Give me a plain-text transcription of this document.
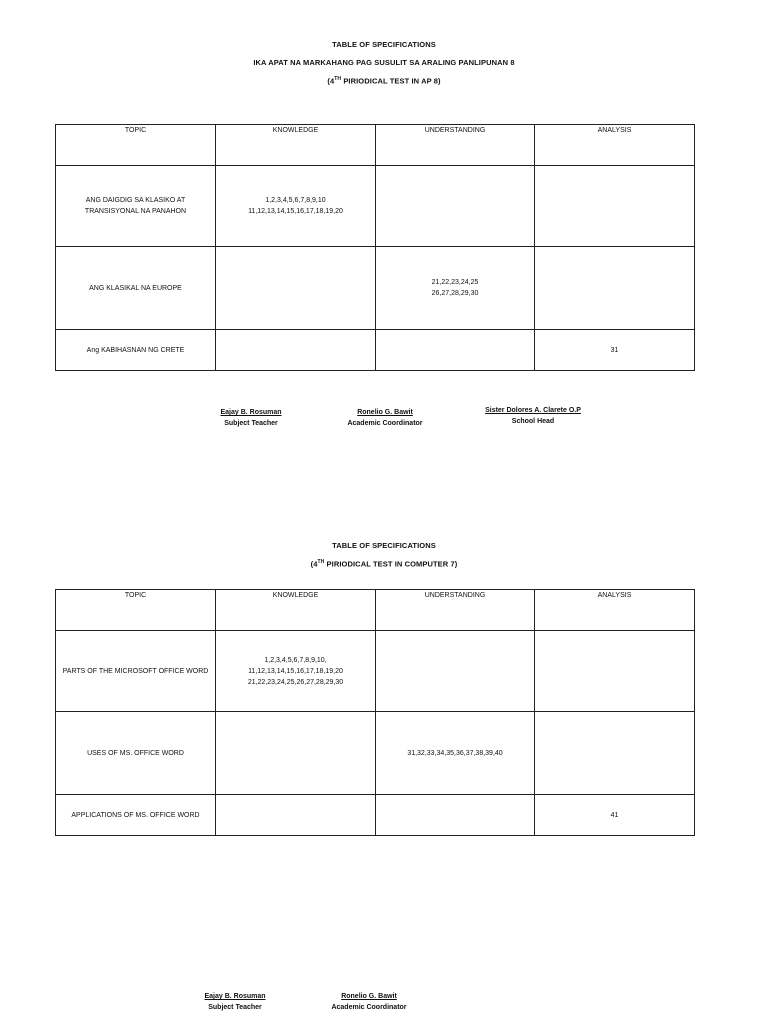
TABLE OF SPECIFICATIONS
IKA APAT NA MARKAHANG PAG SUSULIT SA ARALING PANLIPUNAN 8
(4TH PIRIODICAL TEST IN AP 8)
TOPIC	KNOWLEDGE	UNDERSTANDING	ANALYSIS

ANG DAIGDIG SA KLASIKO AT
TRANSISYONAL NA PANAHON	1,2,3,4,5,6,7,8,9,10
11,12,13,14,15,16,17,18,19,20		

ANG KLASIKAL NA EUROPE		21,22,23,24,25
26,27,28,29,30	

Ang KABIHASNAN NG CRETE			31
Eajay B. Rosuman
Subject Teacher
Ronelio G. Bawit
Academic Coordinator
Sister Dolores A. Clarete O.P
School Head
TABLE OF SPECIFICATIONS
(4TH PIRIODICAL TEST IN COMPUTER 7)
TOPIC	KNOWLEDGE	UNDERSTANDING	ANALYSIS
PARTS OF THE MICROSOFT OFFICE WORD	1,2,3,4,5,6,7,8,9,10,
11,12,13,14,15,16,17,18,19,20
21,22,23,24,25,26,27,28,29,30		

USES OF MS. OFFICE WORD		31,32,33,34,35,36,37,38,39,40	
APPLICATIONS OF MS. OFFICE WORD			41
Eajay B. Rosuman
Subject Teacher
Ronelio G. Bawit
Academic Coordinator
